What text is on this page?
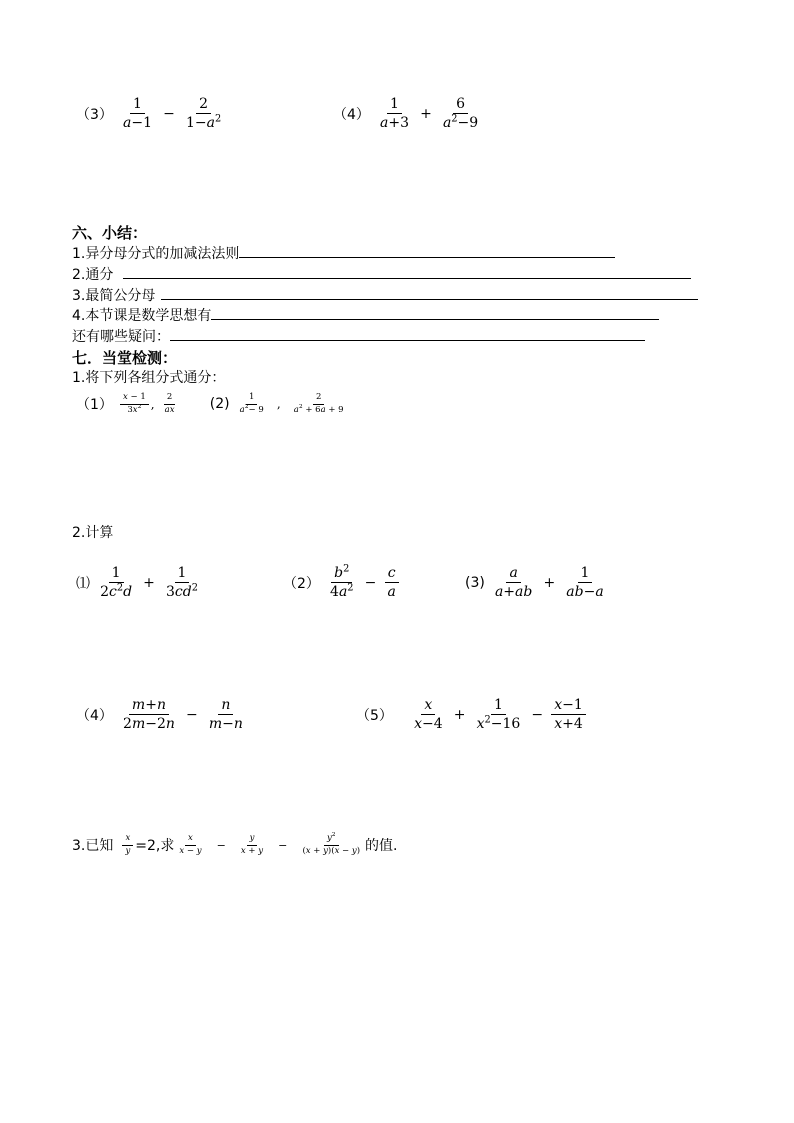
$(3) \frac{1}{a-1} - \frac{2}{1-a^2}$	$(4) \frac{1}{a+3} + \frac{6}{a^2-9}$
六、小结：
1.异分母分式的加减法法则
2.通分
3.最简公分母
4.本节课是数学思想有
还有哪些疑问：
七．当堂检测：
1.将下列各组分式通分：
$(1) \frac{x - 1}{3x^2}$ , $\frac{2}{ax} (2) \frac{1}{a^2- 9}$ , $\frac{2}{a^2 + 6a + 9}$
2.计算
⑴ $\frac{1}{2c^2d} + \frac{1}{3cd^2}$	$(2) \frac{b^2}{4a^2} - \frac{c}{a}$	$(3) \frac{a}{a+ab} + \frac{1}{ab-a}$
$(4) \frac{m+n}{2m-2n} - \frac{n}{m-n}$	$(5) \frac{x}{x-4} + \frac{1}{x^2-16} - \frac{x-1}{x+4}$
3.已知 $\frac{x}{y} =2$,求 $\frac{x}{x - y} - \frac{y}{x + y} - \frac{y^2}{(x + y)(x - y)}$ 的值.
